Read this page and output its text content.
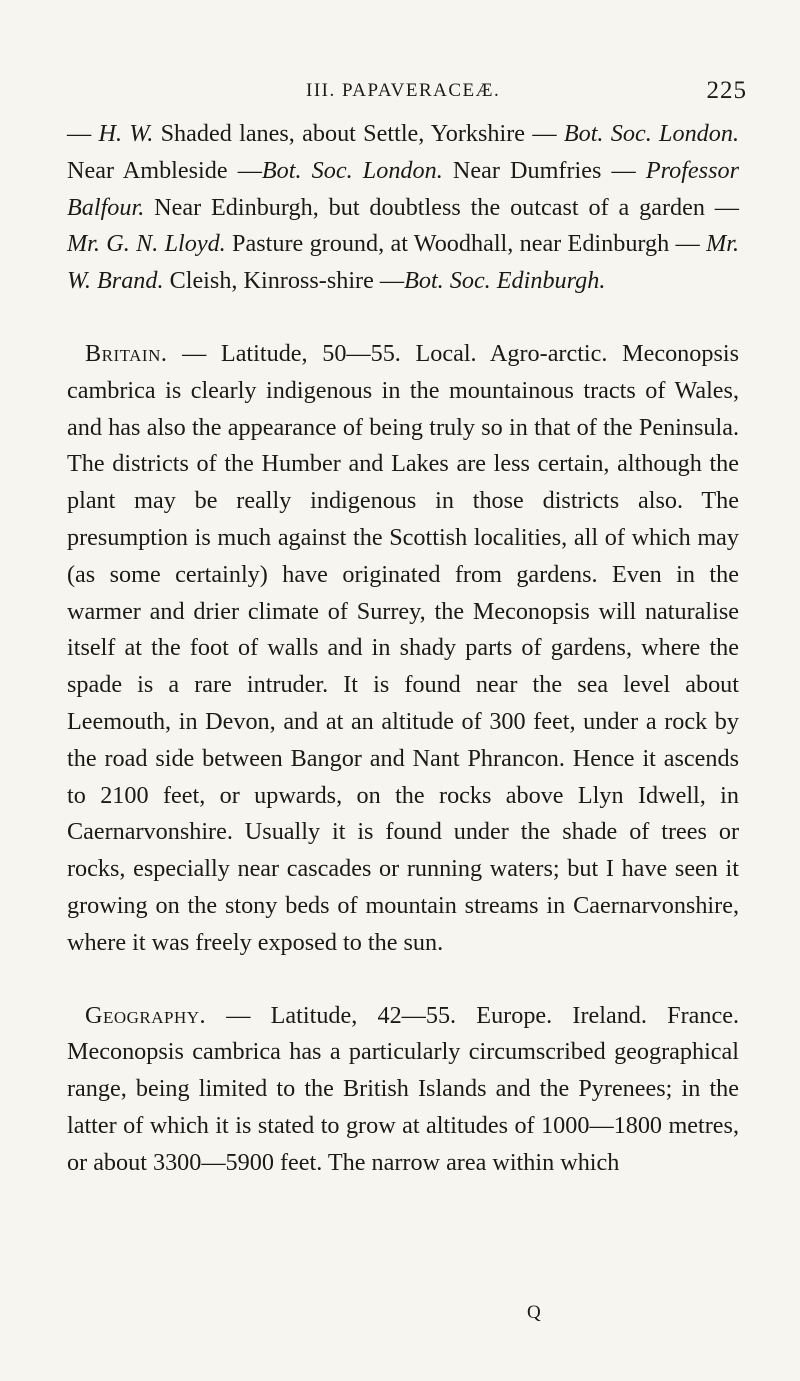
III. PAPAVERACEÆ.	225

— H. W. Shaded lanes, about Settle, Yorkshire — Bot. Soc. London. Near Ambleside —Bot. Soc. London. Near Dumfries — Professor Balfour. Near Edinburgh, but doubtless the outcast of a garden — Mr. G. N. Lloyd. Pasture ground, at Woodhall, near Edinburgh — Mr. W. Brand. Cleish, Kinross-shire —Bot. Soc. Edinburgh.

Britain. — Latitude, 50—55. Local. Agro-arctic. Meconopsis cambrica is clearly indigenous in the mountainous tracts of Wales, and has also the appearance of being truly so in that of the Peninsula. The districts of the Humber and Lakes are less certain, although the plant may be really indigenous in those districts also. The presumption is much against the Scottish localities, all of which may (as some certainly) have originated from gardens. Even in the warmer and drier climate of Surrey, the Meconopsis will naturalise itself at the foot of walls and in shady parts of gardens, where the spade is a rare intruder. It is found near the sea level about Leemouth, in Devon, and at an altitude of 300 feet, under a rock by the road side between Bangor and Nant Phrancon. Hence it ascends to 2100 feet, or upwards, on the rocks above Llyn Idwell, in Caernarvonshire. Usually it is found under the shade of trees or rocks, especially near cascades or running waters; but I have seen it growing on the stony beds of mountain streams in Caernarvonshire, where it was freely exposed to the sun.

Geography. — Latitude, 42—55. Europe. Ireland. France. Meconopsis cambrica has a particularly circumscribed geographical range, being limited to the British Islands and the Pyrenees; in the latter of which it is stated to grow at altitudes of 1000—1800 metres, or about 3300—5900 feet. The narrow area within which

Q
